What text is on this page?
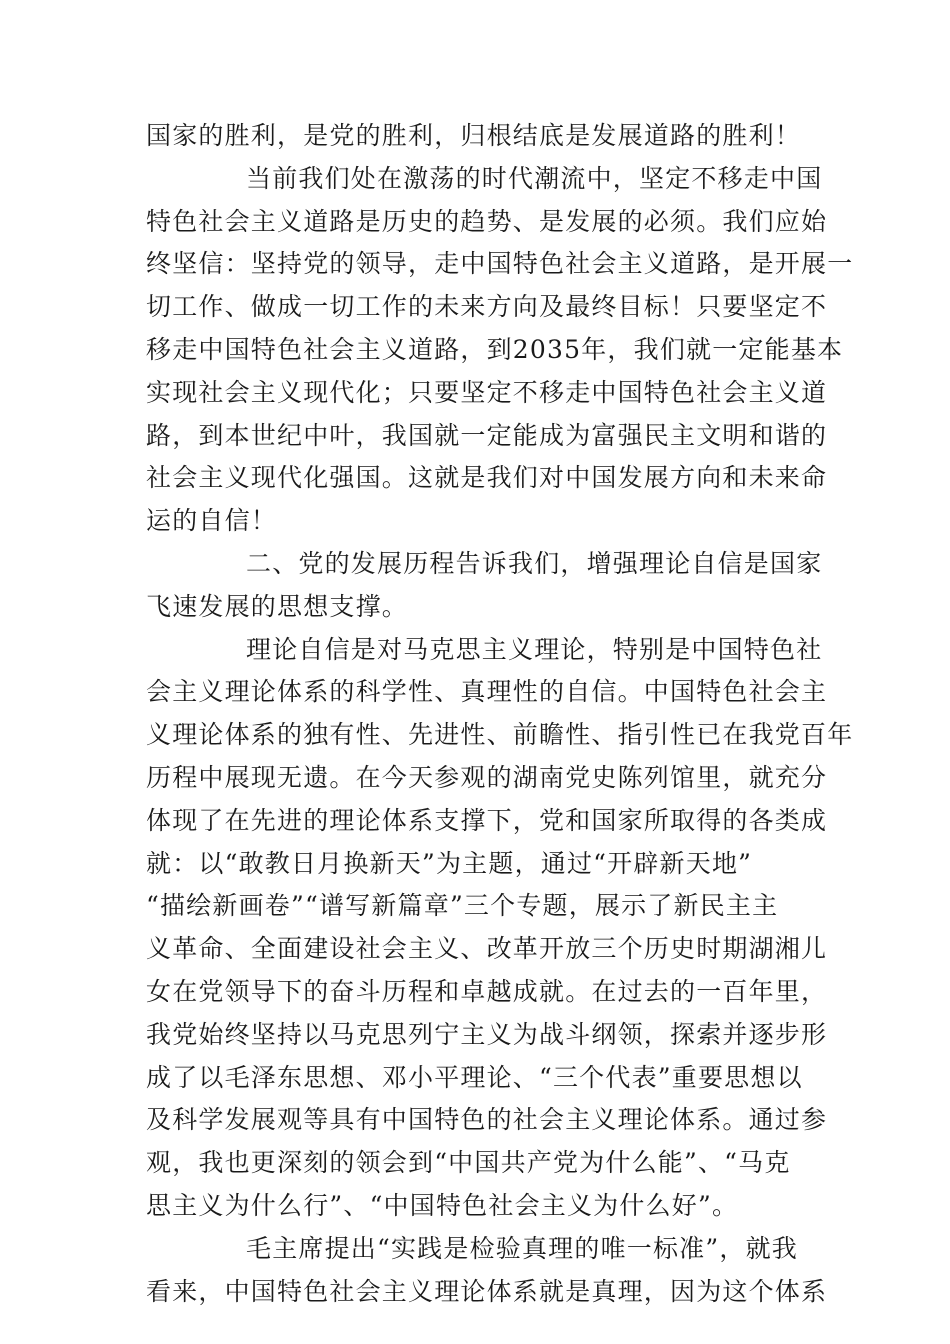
国家的胜利，是党的胜利，归根结底是发展道路的胜利！
当前我们处在激荡的时代潮流中，坚定不移走中国
特色社会主义道路是历史的趋势、是发展的必须。我们应始
终坚信：坚持党的领导，走中国特色社会主义道路，是开展一
切工作、做成一切工作的未来方向及最终目标！只要坚定不
移走中国特色社会主义道路，到2035年，我们就一定能基本
实现社会主义现代化；只要坚定不移走中国特色社会主义道
路，到本世纪中叶，我国就一定能成为富强民主文明和谐的
社会主义现代化强国。这就是我们对中国发展方向和未来命
运的自信！
二、党的发展历程告诉我们，增强理论自信是国家
飞速发展的思想支撑。
理论自信是对马克思主义理论，特别是中国特色社
会主义理论体系的科学性、真理性的自信。中国特色社会主
义理论体系的独有性、先进性、前瞻性、指引性已在我党百年
历程中展现无遗。在今天参观的湖南党史陈列馆里，就充分
体现了在先进的理论体系支撑下，党和国家所取得的各类成
就：以“敢教日月换新天”为主题，通过“开辟新天地”
“描绘新画卷”“谱写新篇章”三个专题，展示了新民主主
义革命、全面建设社会主义、改革开放三个历史时期湖湘儿
女在党领导下的奋斗历程和卓越成就。在过去的一百年里，
我党始终坚持以马克思列宁主义为战斗纲领，探索并逐步形
成了以毛泽东思想、邓小平理论、“三个代表”重要思想以
及科学发展观等具有中国特色的社会主义理论体系。通过参
观，我也更深刻的领会到“中国共产党为什么能”、“马克
思主义为什么行”、“中国特色社会主义为什么好”。
毛主席提出“实践是检验真理的唯一标准”，就我
看来，中国特色社会主义理论体系就是真理，因为这个体系
